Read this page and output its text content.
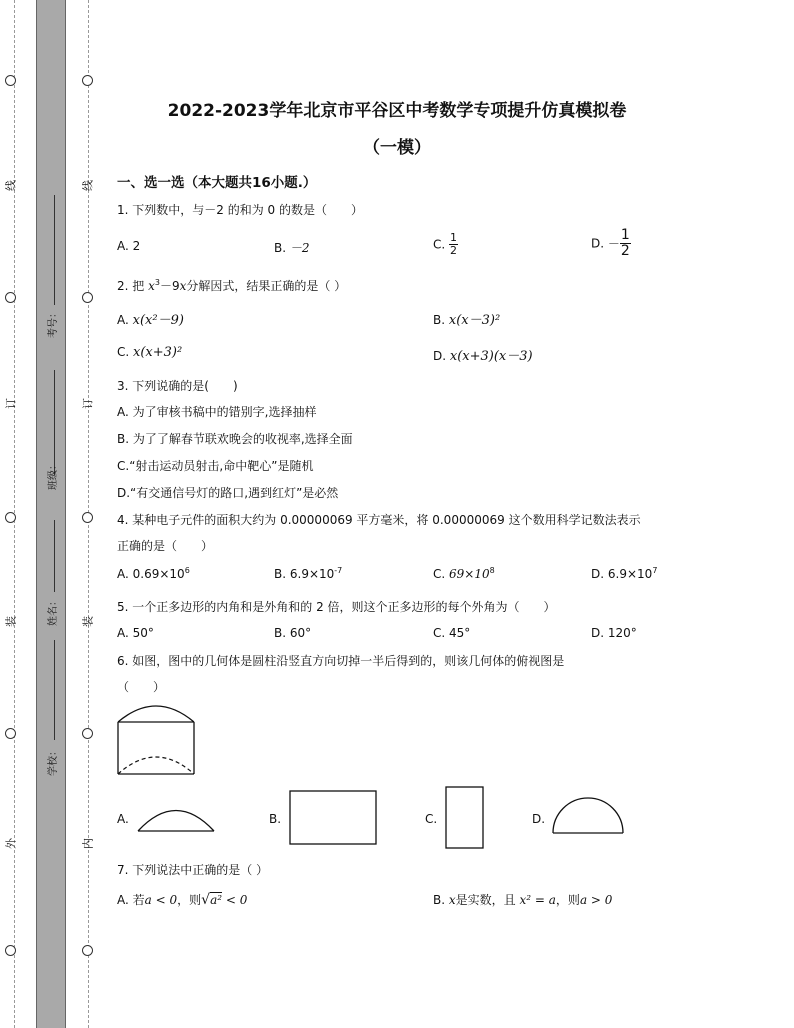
线
订
装
外
线
订
装
内
考号：
班级：
姓名：
学校：
2022-2023学年北京市平谷区中考数学专项提升仿真模拟卷
（一模）
一、选一选（本大题共16小题.）
1. 下列数中，与－2 的和为 0 的数是（　　）
A. 2	B. －2	C. $\frac{1}{2}$	D. － $\frac{1}{2}$
2. 把 $x^3-9x$分解因式，结果正确的是（ ）
A. x(x²－9)	B. x(x－3)²
C. x(x+3)²	D. x(x+3)(x－3)
3. 下列说确的是(　　)
A. 为了审核书稿中的错别字,选择抽样
B. 为了了解春节联欢晚会的收视率,选择全面
C.“射击运动员射击,命中靶心”是随机
D.“有交通信号灯的路口,遇到红灯”是必然
4. 某种电子元件的面积大约为 0.00000069 平方毫米，将 0.00000069 这个数用科学记数法表示
正确的是（　　）
A. $0.69\times 10^6$	B. $6.9\times 10^{-7}$	C. $69\times 10^8$	D. $6.9\times 10^7$
5. 一个正多边形的内角和是外角和的 2 倍，则这个正多边形的每个外角为（　　）
A. 50°	B. 60°	C. 45°	D. 120°
6. 如图，图中的几何体是圆柱沿竖直方向切掉一半后得到的，则该几何体的俯视图是
（　　）
A.	B.	C.	D.
7. 下列说法中正确的是（ ）
A. 若a < 0，则√a² < 0	B. x是实数，且 x² = a，则a > 0
